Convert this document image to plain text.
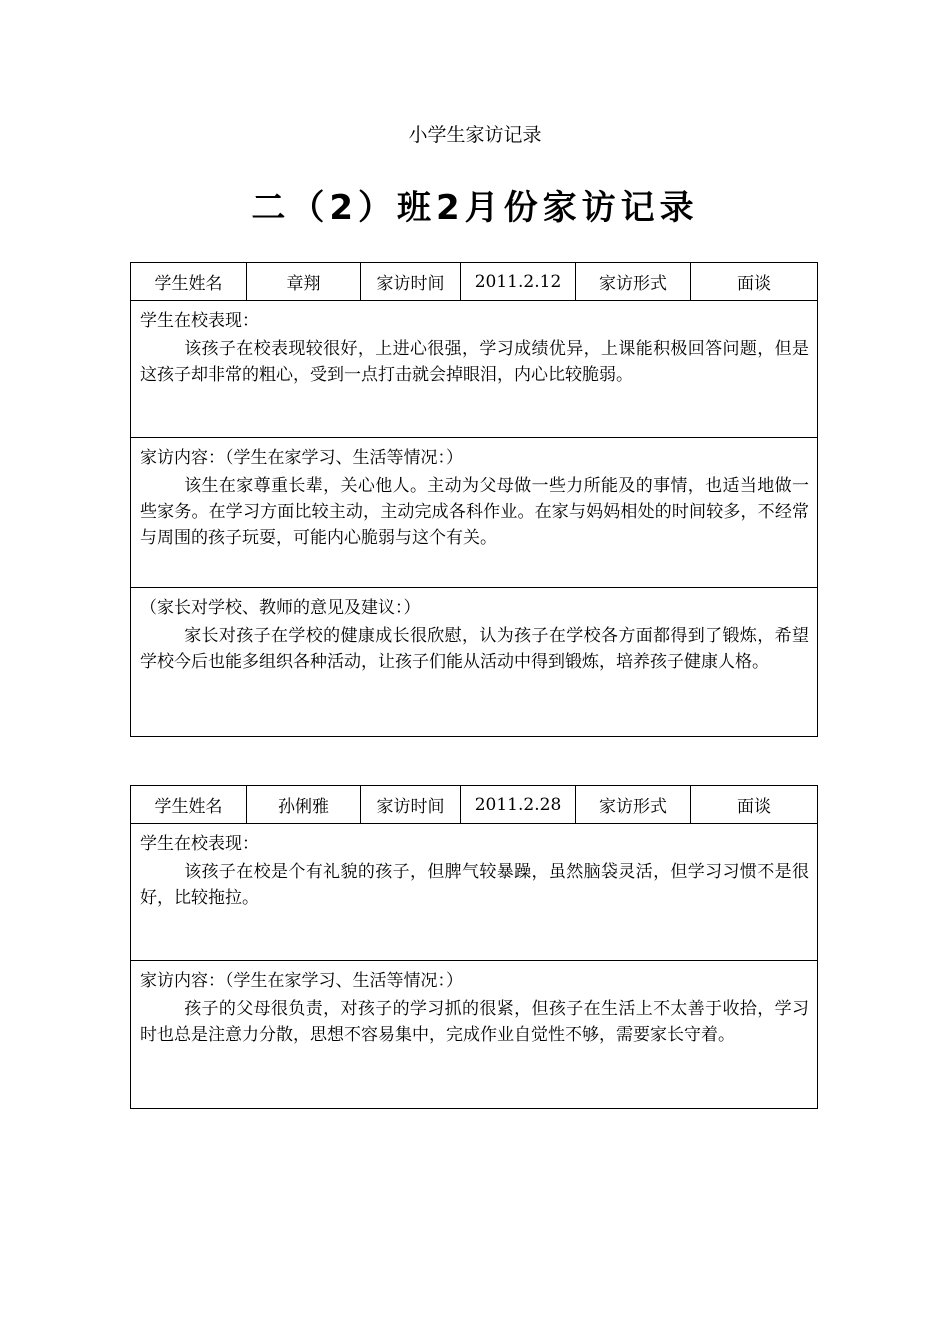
小学生家访记录
二（2）班2月份家访记录
学生姓名	章翔	家访时间	2011.2.12	家访形式	面谈
学生在校表现：
该孩子在校表现较很好，上进心很强，学习成绩优异，上课能积极回答问题，但是这孩子却非常的粗心，受到一点打击就会掉眼泪，内心比较脆弱。
家访内容：（学生在家学习、生活等情况：）
该生在家尊重长辈，关心他人。主动为父母做一些力所能及的事情，也适当地做一些家务。在学习方面比较主动，主动完成各科作业。在家与妈妈相处的时间较多，不经常与周围的孩子玩耍，可能内心脆弱与这个有关。
（家长对学校、教师的意见及建议：）
家长对孩子在学校的健康成长很欣慰，认为孩子在学校各方面都得到了锻炼，希望学校今后也能多组织各种活动，让孩子们能从活动中得到锻炼，培养孩子健康人格。
学生姓名	孙俐雅	家访时间	2011.2.28	家访形式	面谈
学生在校表现：
该孩子在校是个有礼貌的孩子，但脾气较暴躁，虽然脑袋灵活，但学习习惯不是很好，比较拖拉。
家访内容：（学生在家学习、生活等情况：）
孩子的父母很负责，对孩子的学习抓的很紧，但孩子在生活上不太善于收拾，学习时也总是注意力分散，思想不容易集中，完成作业自觉性不够，需要家长守着。
